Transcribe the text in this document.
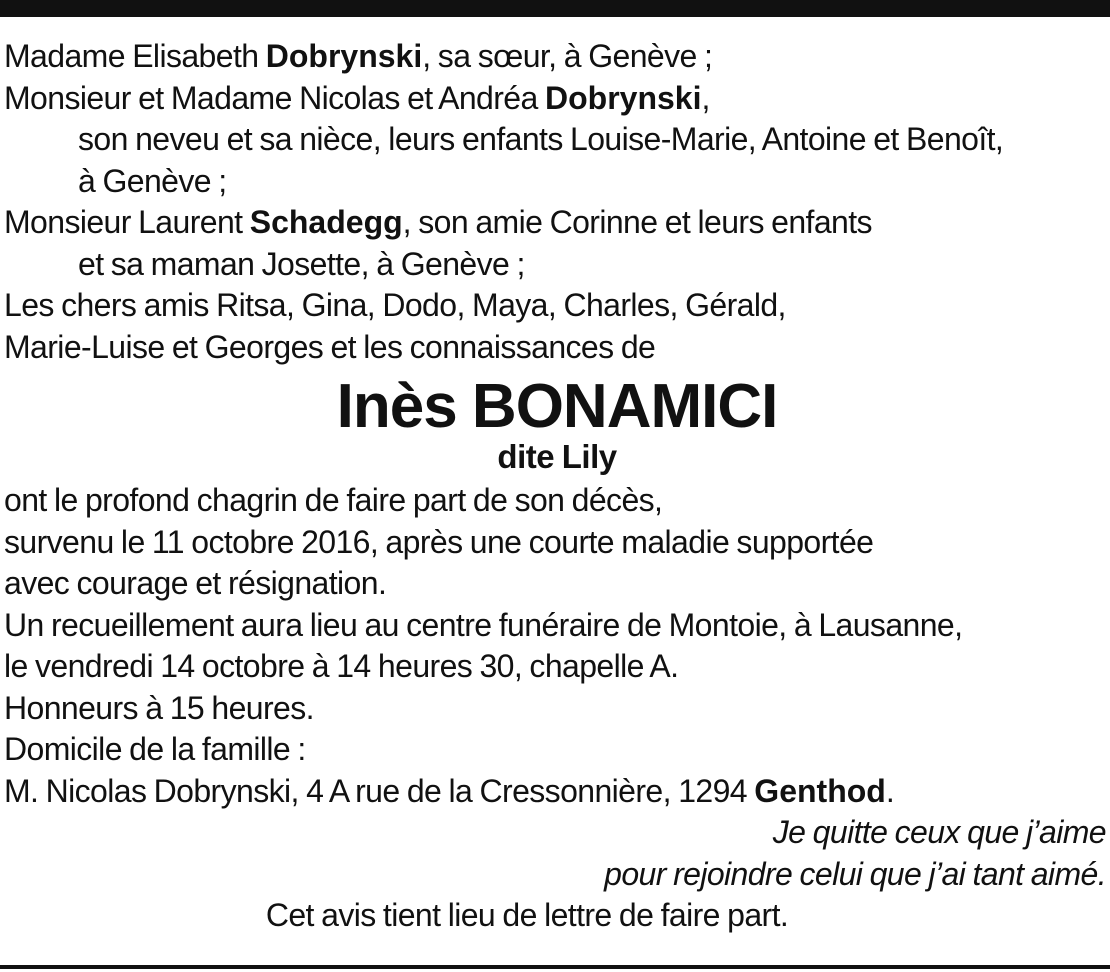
Madame Elisabeth Dobrynski, sa sœur, à Genève ;
Monsieur et Madame Nicolas et Andréa Dobrynski,
son neveu et sa nièce, leurs enfants Louise-Marie, Antoine et Benoît,
à Genève ;
Monsieur Laurent Schadegg, son amie Corinne et leurs enfants
et sa maman Josette, à Genève ;
Les chers amis Ritsa, Gina, Dodo, Maya, Charles, Gérald,
Marie-Luise et Georges et les connaissances de
Inès BONAMICI
dite Lily
ont le profond chagrin de faire part de son décès,
survenu le 11 octobre 2016, après une courte maladie supportée
avec courage et résignation.
Un recueillement aura lieu au centre funéraire de Montoie, à Lausanne,
le vendredi 14 octobre à 14 heures 30, chapelle A.
Honneurs à 15 heures.
Domicile de la famille :
M. Nicolas Dobrynski, 4 A rue de la Cressonnière, 1294 Genthod.
Je quitte ceux que j’aime
pour rejoindre celui que j’ai tant aimé.
Cet avis tient lieu de lettre de faire part.
